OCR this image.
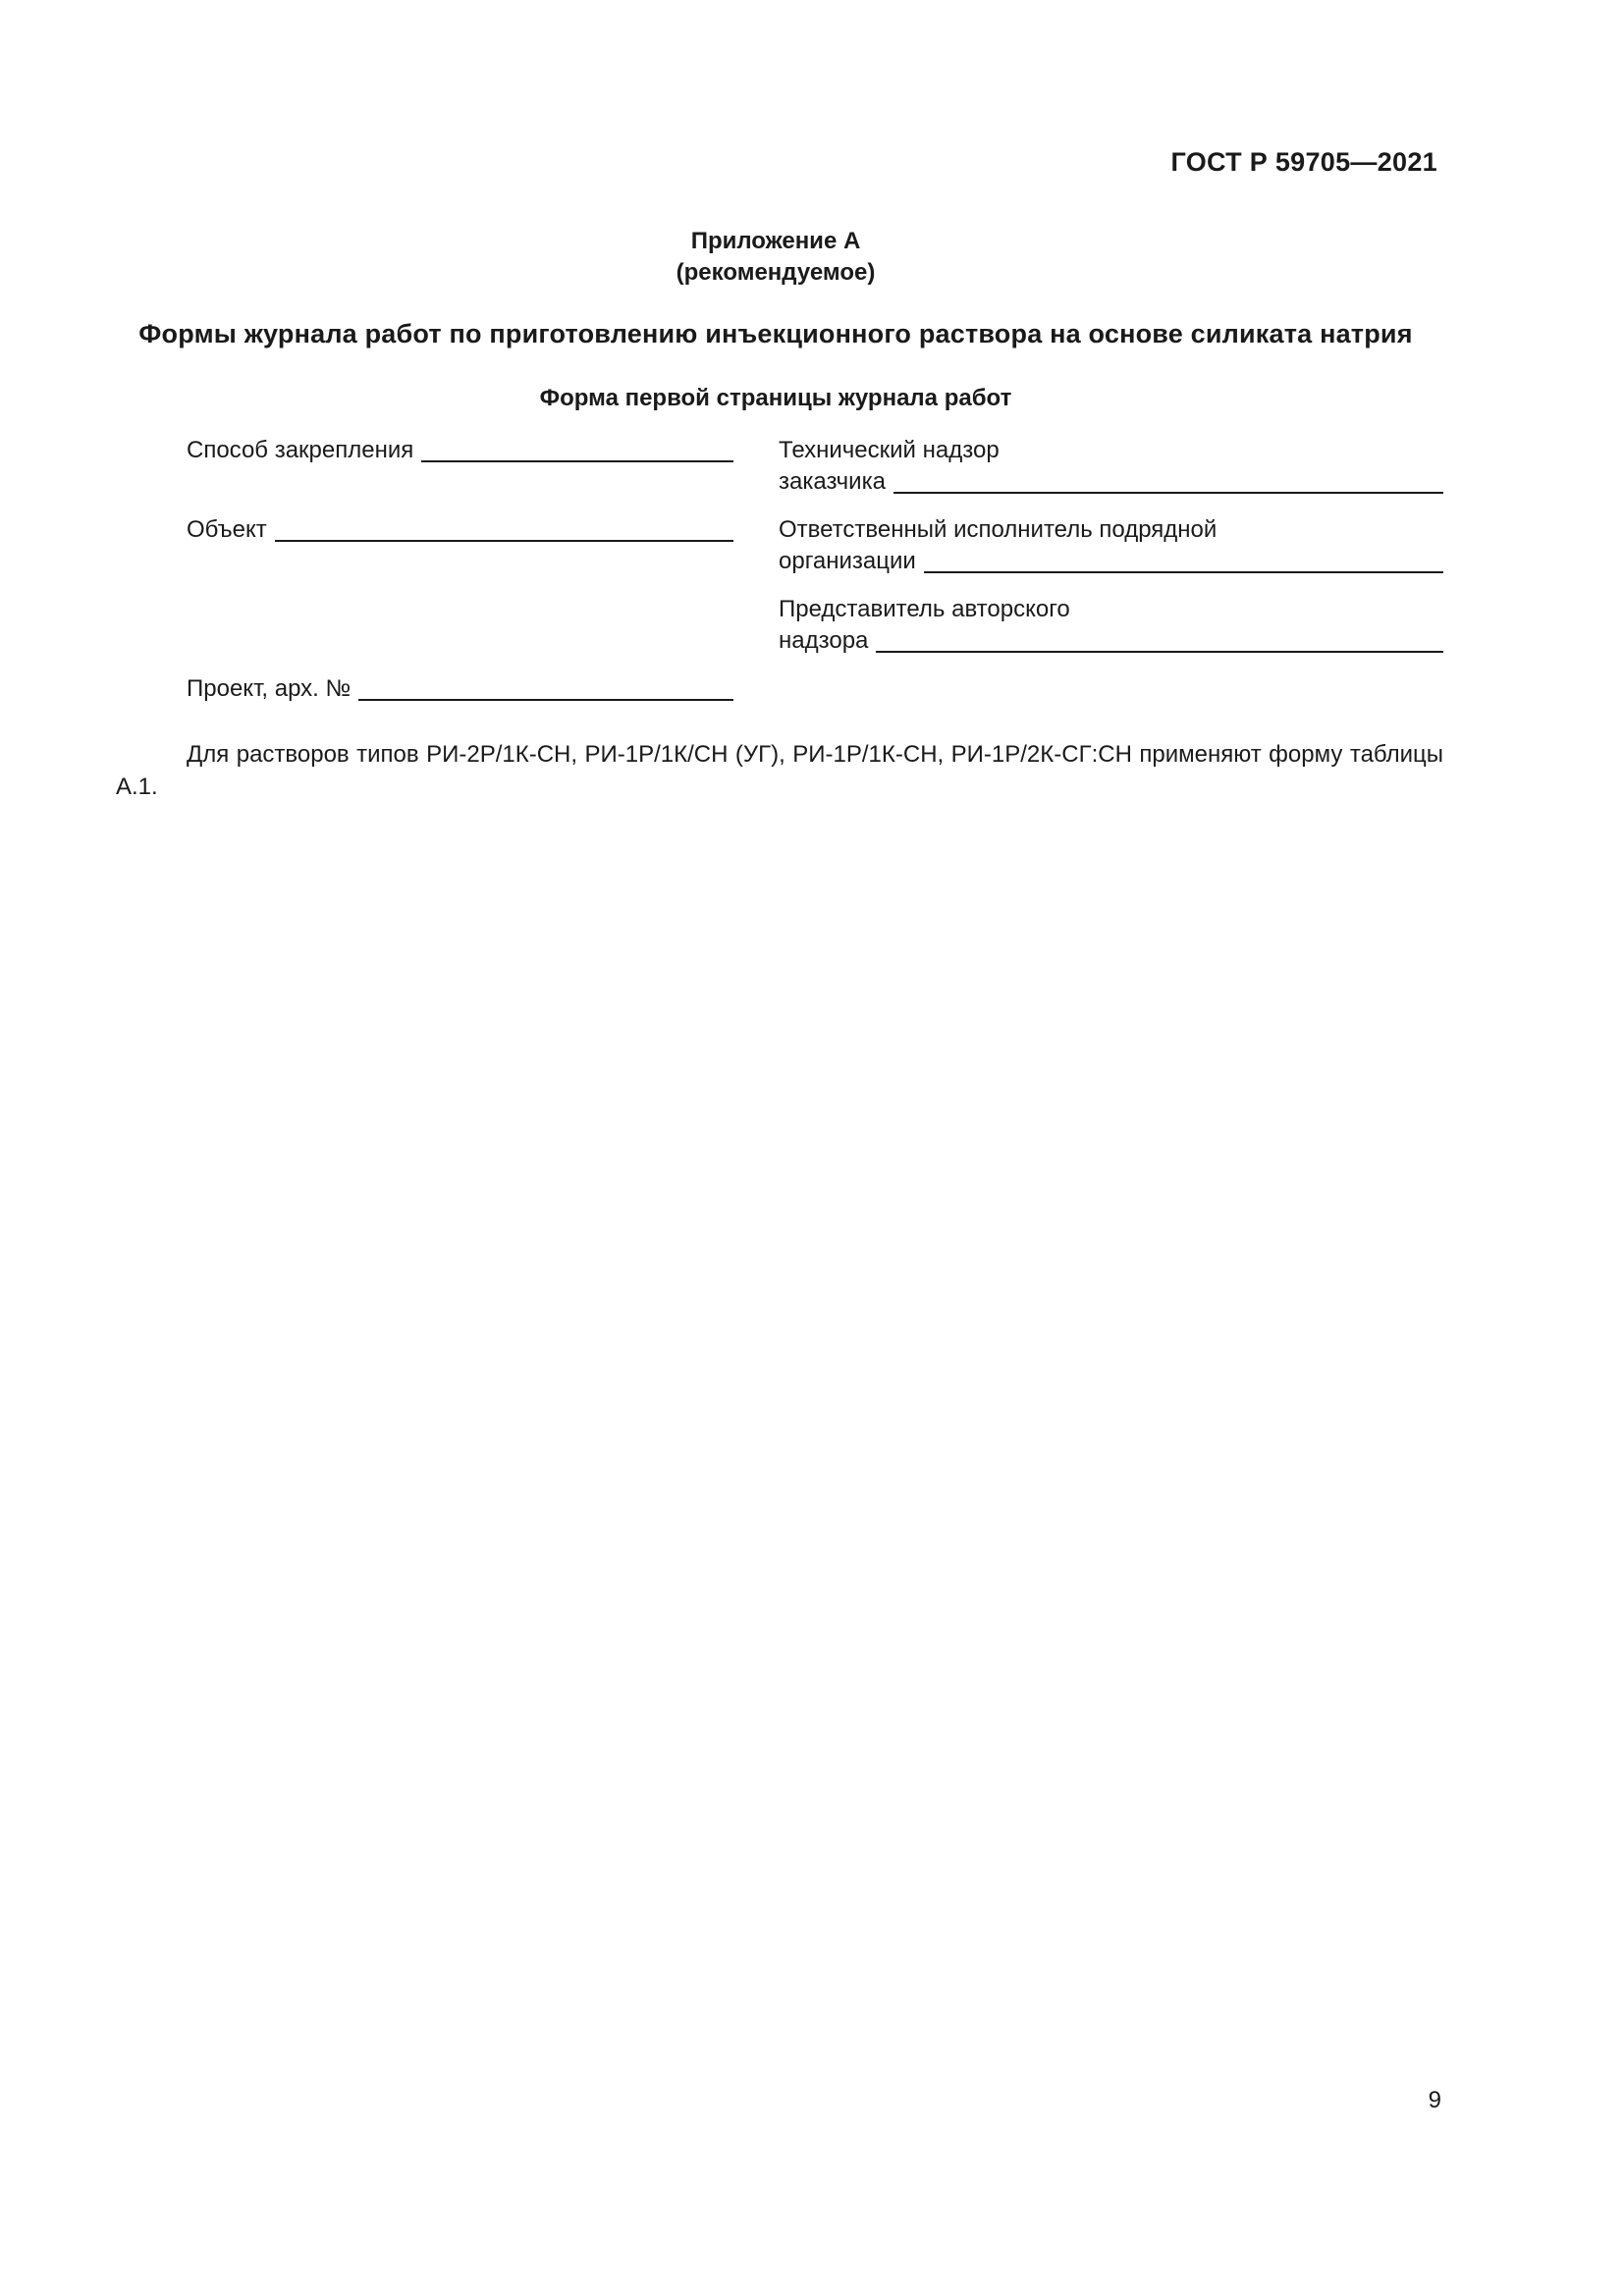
ГОСТ Р 59705—2021
Приложение А
(рекомендуемое)
Формы журнала работ по приготовлению инъекционного раствора на основе силиката натрия
Форма первой страницы журнала работ
Способ закрепления
Объект
Проект, арх. №
Технический надзор
заказчика
Ответственный исполнитель подрядной
организации
Представитель авторского
надзора
Для растворов типов РИ-2Р/1К-СН, РИ-1Р/1К/СН (УГ), РИ-1Р/1К-СН, РИ-1Р/2К-СГ:СН применяют форму таблицы А.1.
9
